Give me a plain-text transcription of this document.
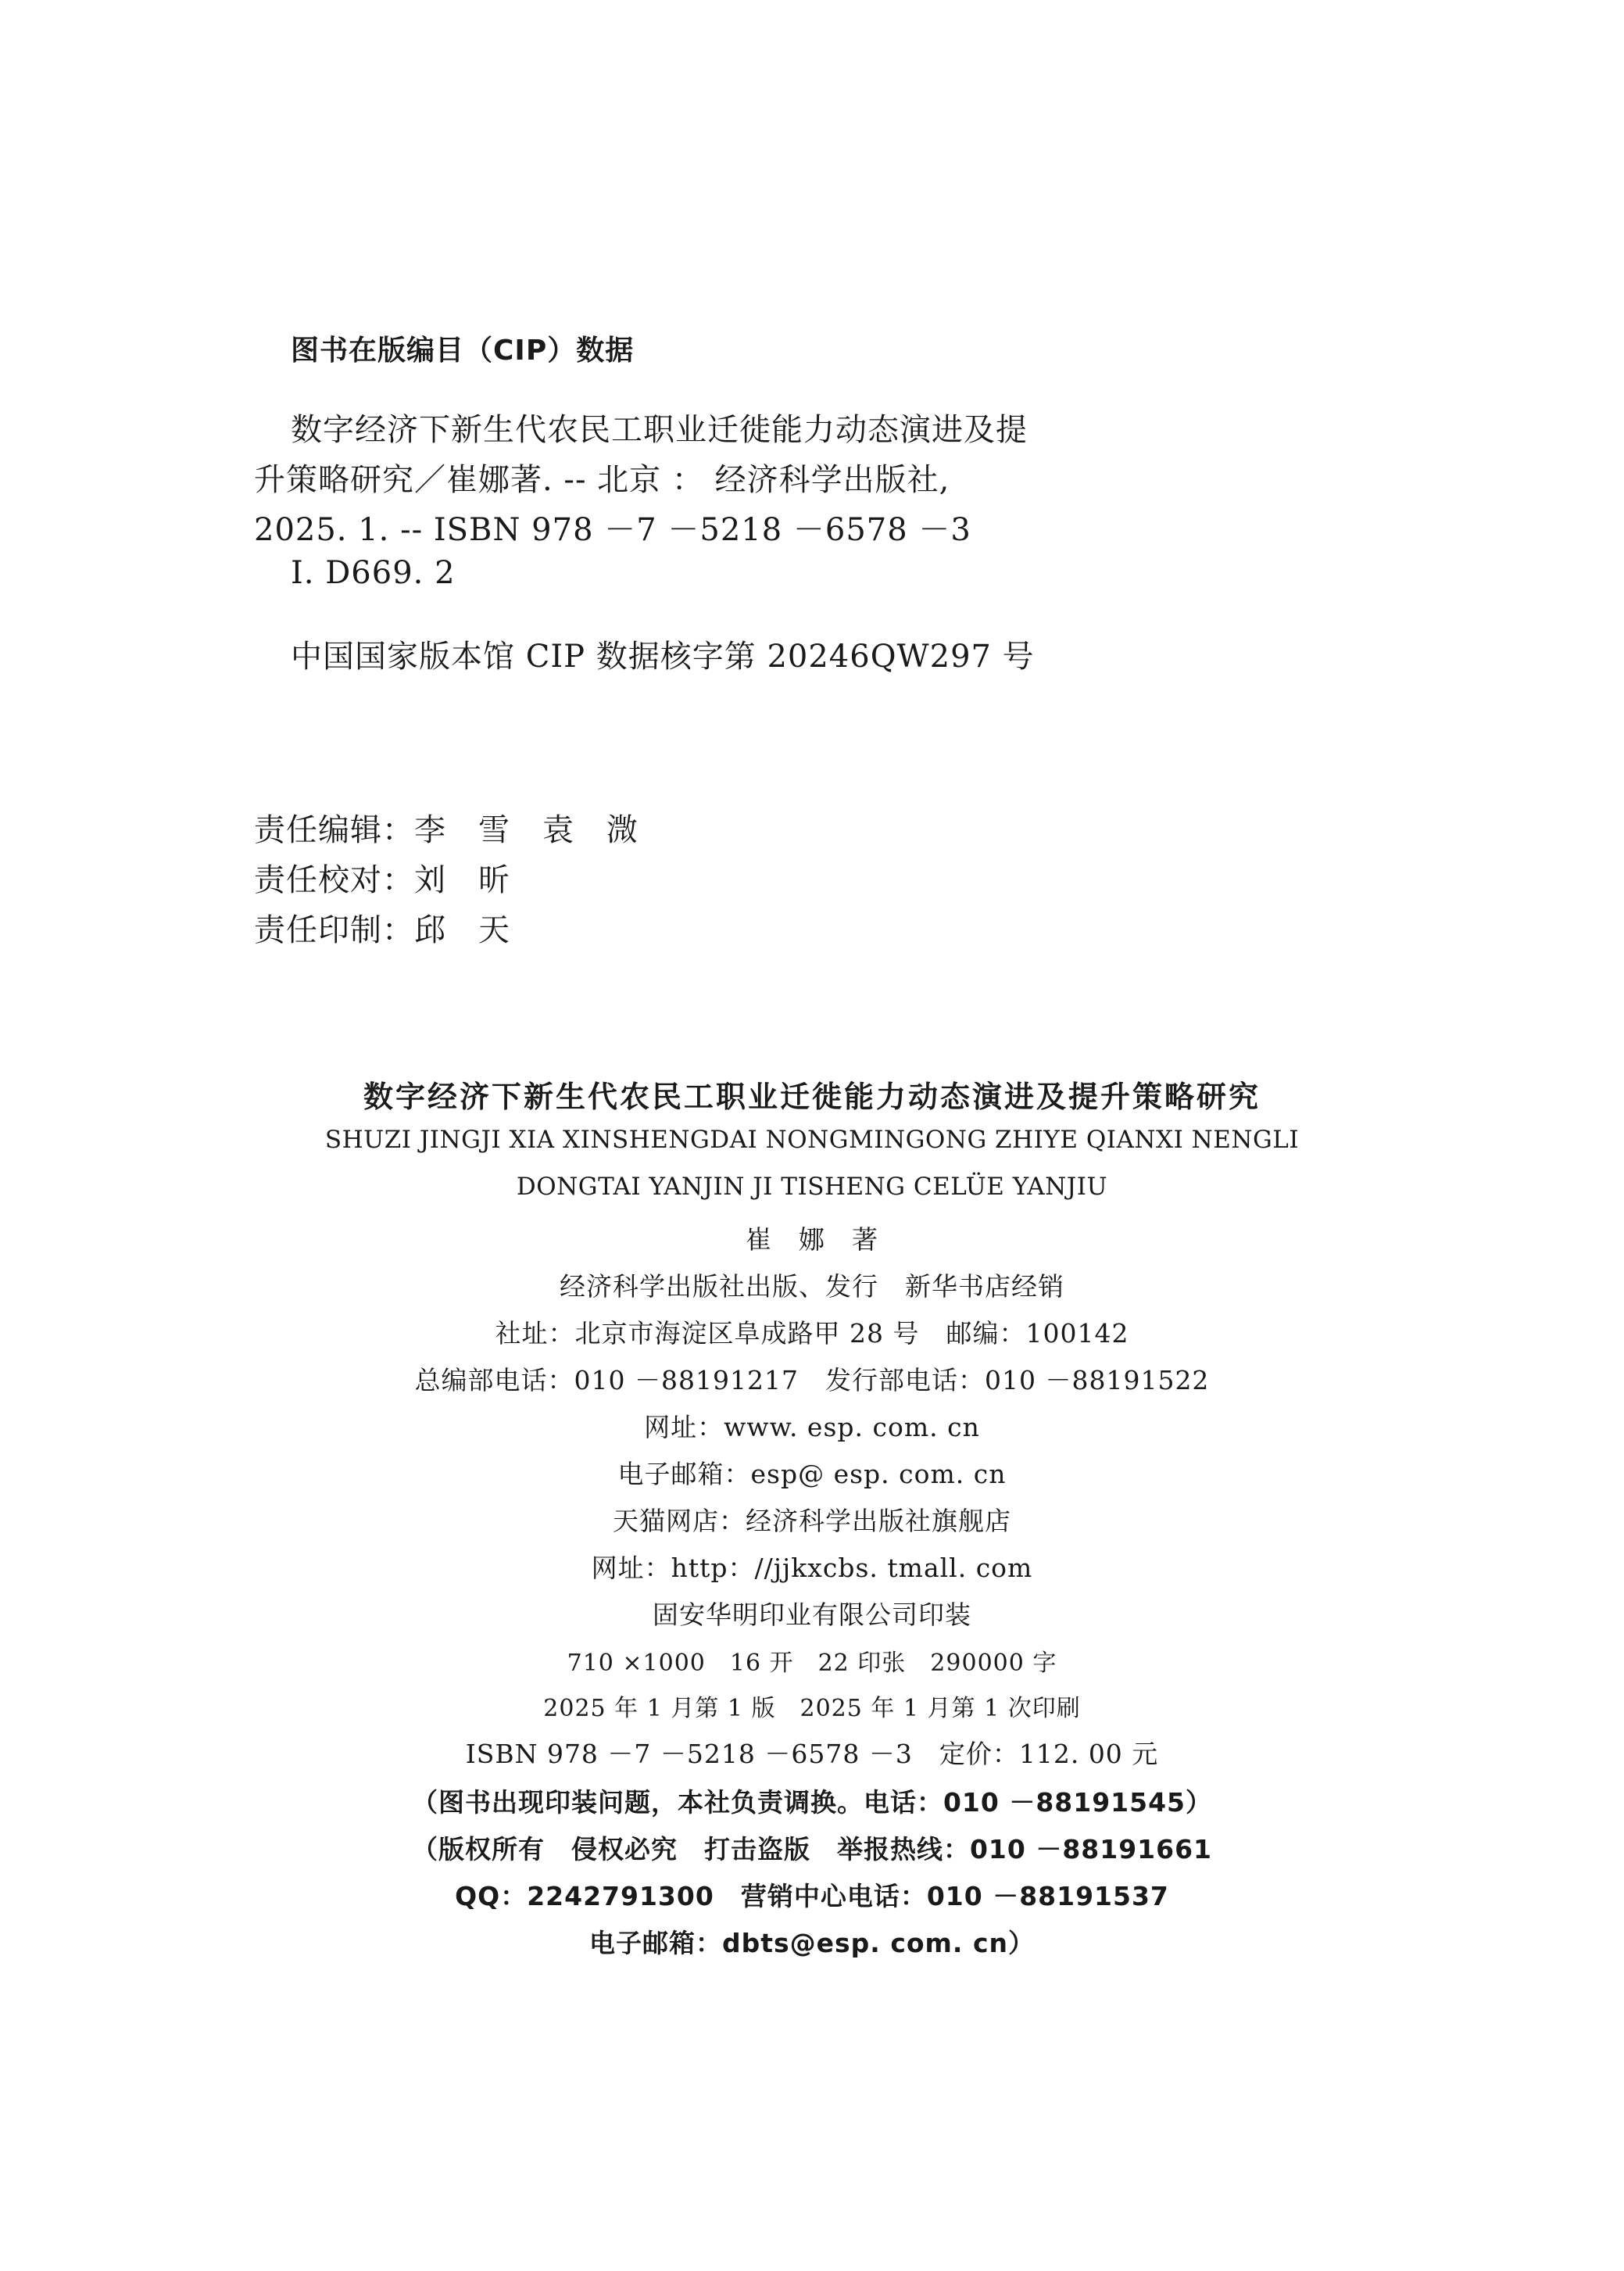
图书在版编目（CIP）数据
数字经济下新生代农民工职业迁徙能力动态演进及提
升策略研究／崔娜著. -- 北京 ： 经济科学出版社,
2025. 1. -- ISBN 978 －7 －5218 －6578 －3
Ⅰ. D669. 2
中国国家版本馆 CIP 数据核字第 20246QW297 号
责任编辑：李　雪　袁　溦
责任校对：刘　昕
责任印制：邱　天
数字经济下新生代农民工职业迁徙能力动态演进及提升策略研究
SHUZI JINGJI XIA XINSHENGDAI NONGMINGONG ZHIYE QIANXI NENGLI
DONGTAI YANJIN JI TISHENG CELÜE YANJIU
崔　娜　著
经济科学出版社出版、发行　新华书店经销
社址：北京市海淀区阜成路甲 28 号　邮编：100142
总编部电话：010 －88191217　发行部电话：010 －88191522
网址：www. esp. com. cn
电子邮箱：esp@ esp. com. cn
天猫网店：经济科学出版社旗舰店
网址：http：//jjkxcbs. tmall. com
固安华明印业有限公司印装
710 ×1000　16 开　22 印张　290000 字
2025 年 1 月第 1 版　2025 年 1 月第 1 次印刷
ISBN 978 －7 －5218 －6578 －3　定价：112. 00 元
（图书出现印装问题，本社负责调换。电话：010 －88191545）
（版权所有　侵权必究　打击盗版　举报热线：010 －88191661
QQ：2242791300　营销中心电话：010 －88191537
电子邮箱：dbts@esp. com. cn）
